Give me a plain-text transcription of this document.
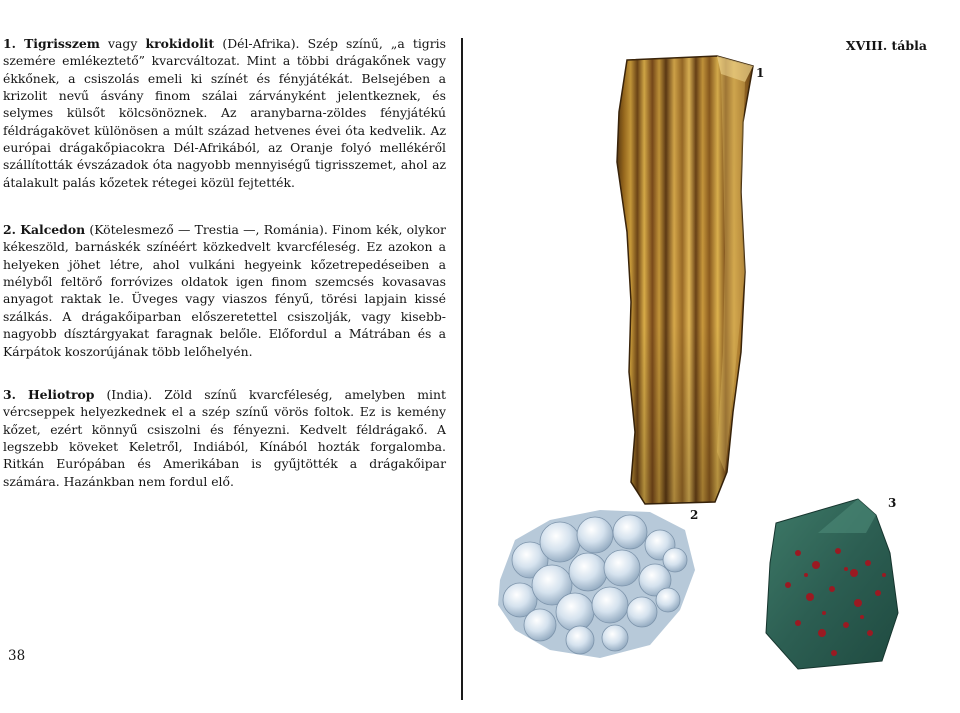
1. Tigrisszem vagy krokidolit (Dél-Afrika). Szép színű, „a tigris szemére emlékeztető” kvarcváltozat. Mint a többi drágakőnek vagy ékkőnek, a csiszolás emeli ki színét és fényjátékát. Belsejében a krizolit nevű ásvány finom szálai zárványként jelentkeznek, és selymes külsőt kölcsönöznek. Az aranybarna-zöldes fényjátékú féldrágakövet különösen a múlt század hetvenes évei óta kedvelik. Az európai drágakőpiacokra Dél-Afrikából, az Oranje folyó mellékéről szállították évszázadok óta nagyobb mennyiségű tigrisszemet, ahol az átalakult palás kőzetek rétegei közül fejtették.

2. Kalcedon (Kötelesmező — Trestia —, Románia). Finom kék, olykor kékeszöld, barnáskék színéért közkedvelt kvarcféleség. Ez azokon a helyeken jöhet létre, ahol vulkáni hegyeink kőzetrepedéseiben a mélyből feltörő forróvizes oldatok igen finom szemcsés kovasavas anyagot raktak le. Üveges vagy viaszos fényű, törési lapjain kissé szálkás. A drágakőiparban előszeretettel csiszolják, vagy kisebb-nagyobb dísztárgyakat faragnak belőle. Előfordul a Mátrában és a Kárpátok koszorújának több lelőhelyén.

3. Heliotrop (India). Zöld színű kvarcféleség, amelyben mint vércseppek helyezkednek el a szép színű vörös foltok. Ez is kemény kőzet, ezért könnyű csiszolni és fényezni. Kedvelt féldrágakő. A legszebb köveket Keletről, Indiából, Kínából hozták forgalomba. Ritkán Európában és Amerikában is gyűjtötték a drágakőipar számára. Hazánkban nem fordul elő.

38
XVIII. tábla
1
2
3
